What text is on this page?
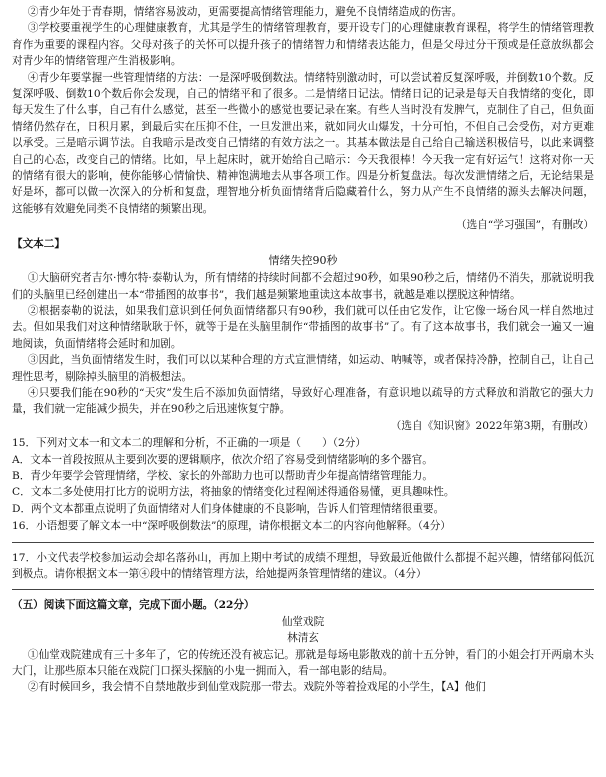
②青少年处于青春期，情绪容易波动，更需要提高情绪管理能力，避免不良情绪造成的伤害。

③学校要重视学生的心理健康教育，尤其是学生的情绪管理教育，要开设专门的心理健康教育课程，将学生的情绪管理教育作为重要的课程内容。父母对孩子的关怀可以提升孩子的情绪智力和情绪表达能力，但是父母过分干预或是任意放纵都会对青少年的情绪管理产生消极影响。

④青少年要掌握一些管理情绪的方法：一是深呼吸倒数法。情绪特别激动时，可以尝试着反复深呼吸，并倒数10个数。反复深呼吸、倒数10个数后你会发现，自己的情绪平和了很多。二是情绪日记法。情绪日记的记录是每天自我情绪的变化，即每天发生了什么事，自己有什么感觉，甚至一些微小的感觉也要记录在案。有些人当时没有发脾气，克制住了自己，但负面情绪仍然存在，日积月累，到最后实在压抑不住，一旦发泄出来，就如同火山爆发，十分可怕，不但自己会受伤，对方更难以承受。三是暗示调节法。自我暗示是改变自己情绪的有效方法之一。其基本做法是自己给自己输送积极信号，以此来调整自己的心态，改变自己的情绪。比如，早上起床时，就开始给自己暗示：今天我很棒！今天我一定有好运气！这将对你一天的情绪有很大的影响，使你能够心情愉快、精神饱满地去从事各项工作。四是分析复盘法。每次发泄情绪之后，无论结果是好是坏，都可以做一次深入的分析和复盘，理智地分析负面情绪背后隐藏着什么，努力从产生不良情绪的源头去解决问题，这能够有效避免同类不良情绪的频繁出现。

（选自“学习强国”，有删改）

【文本二】

情绪失控90秒

①大脑研究者吉尔·博尔特·泰勒认为，所有情绪的持续时间都不会超过90秒，如果90秒之后，情绪仍不消失，那就说明我们的头脑里已经创建出一本“带插图的故事书”，我们越是频繁地重读这本故事书，就越是难以摆脱这种情绪。

②根据泰勒的说法，如果我们意识到任何负面情绪都只有90秒，我们就可以任由它发作，让它像一场台风一样自然地过去。但如果我们对这种情绪耿耿于怀，就等于是在头脑里制作“带插图的故事书”了。有了这本故事书，我们就会一遍又一遍地阅读，负面情绪将会延时和加剧。

③因此，当负面情绪发生时，我们可以以某种合理的方式宣泄情绪，如运动、呐喊等，或者保持冷静，控制自己，让自己理性思考，剔除掉头脑里的消极想法。

④只要我们能在90秒的“天灾”发生后不添加负面情绪，导致好心理准备，有意识地以疏导的方式释放和消散它的强大力量，我们就一定能减少损失，并在90秒之后迅速恢复宁静。

（选自《知识窗》2022年第3期，有删改）

15．下列对文本一和文本二的理解和分析，不正确的一项是（　　）（2分）

A．文本一首段按照从主要到次要的逻辑顺序，依次介绍了容易受到情绪影响的多个器官。

B．青少年要学会管理情绪，学校、家长的外部助力也可以帮助青少年提高情绪管理能力。

C．文本二多处使用打比方的说明方法，将抽象的情绪变化过程阐述得通俗易懂，更具趣味性。

D．两个文本都重点说明了负面情绪对人们身体健康的不良影响，告诉人们管理情绪很重要。

16．小语想要了解文本一中“深呼吸倒数法”的原理，请你根据文本二的内容向他解释。（4分）

17．小文代表学校参加运动会却名落孙山，再加上期中考试的成绩不理想，导致最近他做什么都提不起兴趣，情绪郁闷低沉到极点。请你根据文本一第④段中的情绪管理方法，给她提两条管理情绪的建议。（4分）

（五）阅读下面这篇文章，完成下面小题。（22分）

仙堂戏院

林清玄

①仙堂戏院建成有三十多年了，它的传统还没有被忘记。那就是每场电影散戏的前十五分钟，看门的小姐会打开两扇木头大门，让那些原本只能在戏院门口探头探脑的小鬼一拥而入，看一部电影的结局。

②有时候回乡，我会情不自禁地散步到仙堂戏院那一带去。戏院外等着捡戏尾的小学生，【A】他们
